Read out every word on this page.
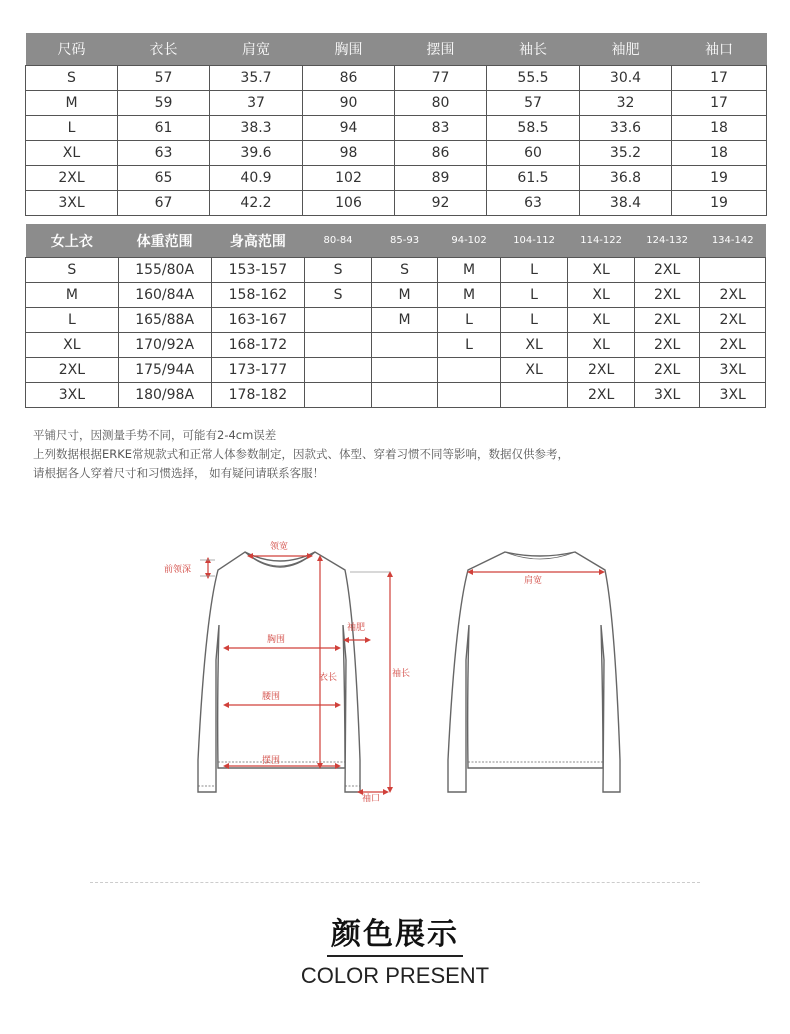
尺码	衣长	肩宽	胸围	摆围	袖长	袖肥	袖口
S	57	35.7	86	77	55.5	30.4	17
M	59	37	90	80	57	32	17
L	61	38.3	94	83	58.5	33.6	18
XL	63	39.6	98	86	60	35.2	18
2XL	65	40.9	102	89	61.5	36.8	19
3XL	67	42.2	106	92	63	38.4	19
女上衣	体重范围	身高范围	80-84	85-93	94-102	104-112	114-122	124-132	134-142
S	155/80A	153-157	S	S	M	L	XL	2XL	
M	160/84A	158-162	S	M	M	L	XL	2XL	2XL
L	165/88A	163-167		M	L	L	XL	2XL	2XL
XL	170/92A	168-172			L	XL	XL	2XL	2XL
2XL	175/94A	173-177				XL	2XL	2XL	3XL
3XL	180/98A	178-182					2XL	3XL	3XL
平铺尺寸，因测量手势不同，可能有2-4cm误差
上列数据根据ERKE常规款式和正常人体参数制定，因款式、体型、穿着习惯不同等影响，数据仅供参考，
请根据各人穿着尺寸和习惯选择， 如有疑问请联系客服！
领宽
前领深
胸围
袖肥
衣长	袖长
腰围
摆围
袖口
肩宽
颜色展示
COLOR PRESENT
